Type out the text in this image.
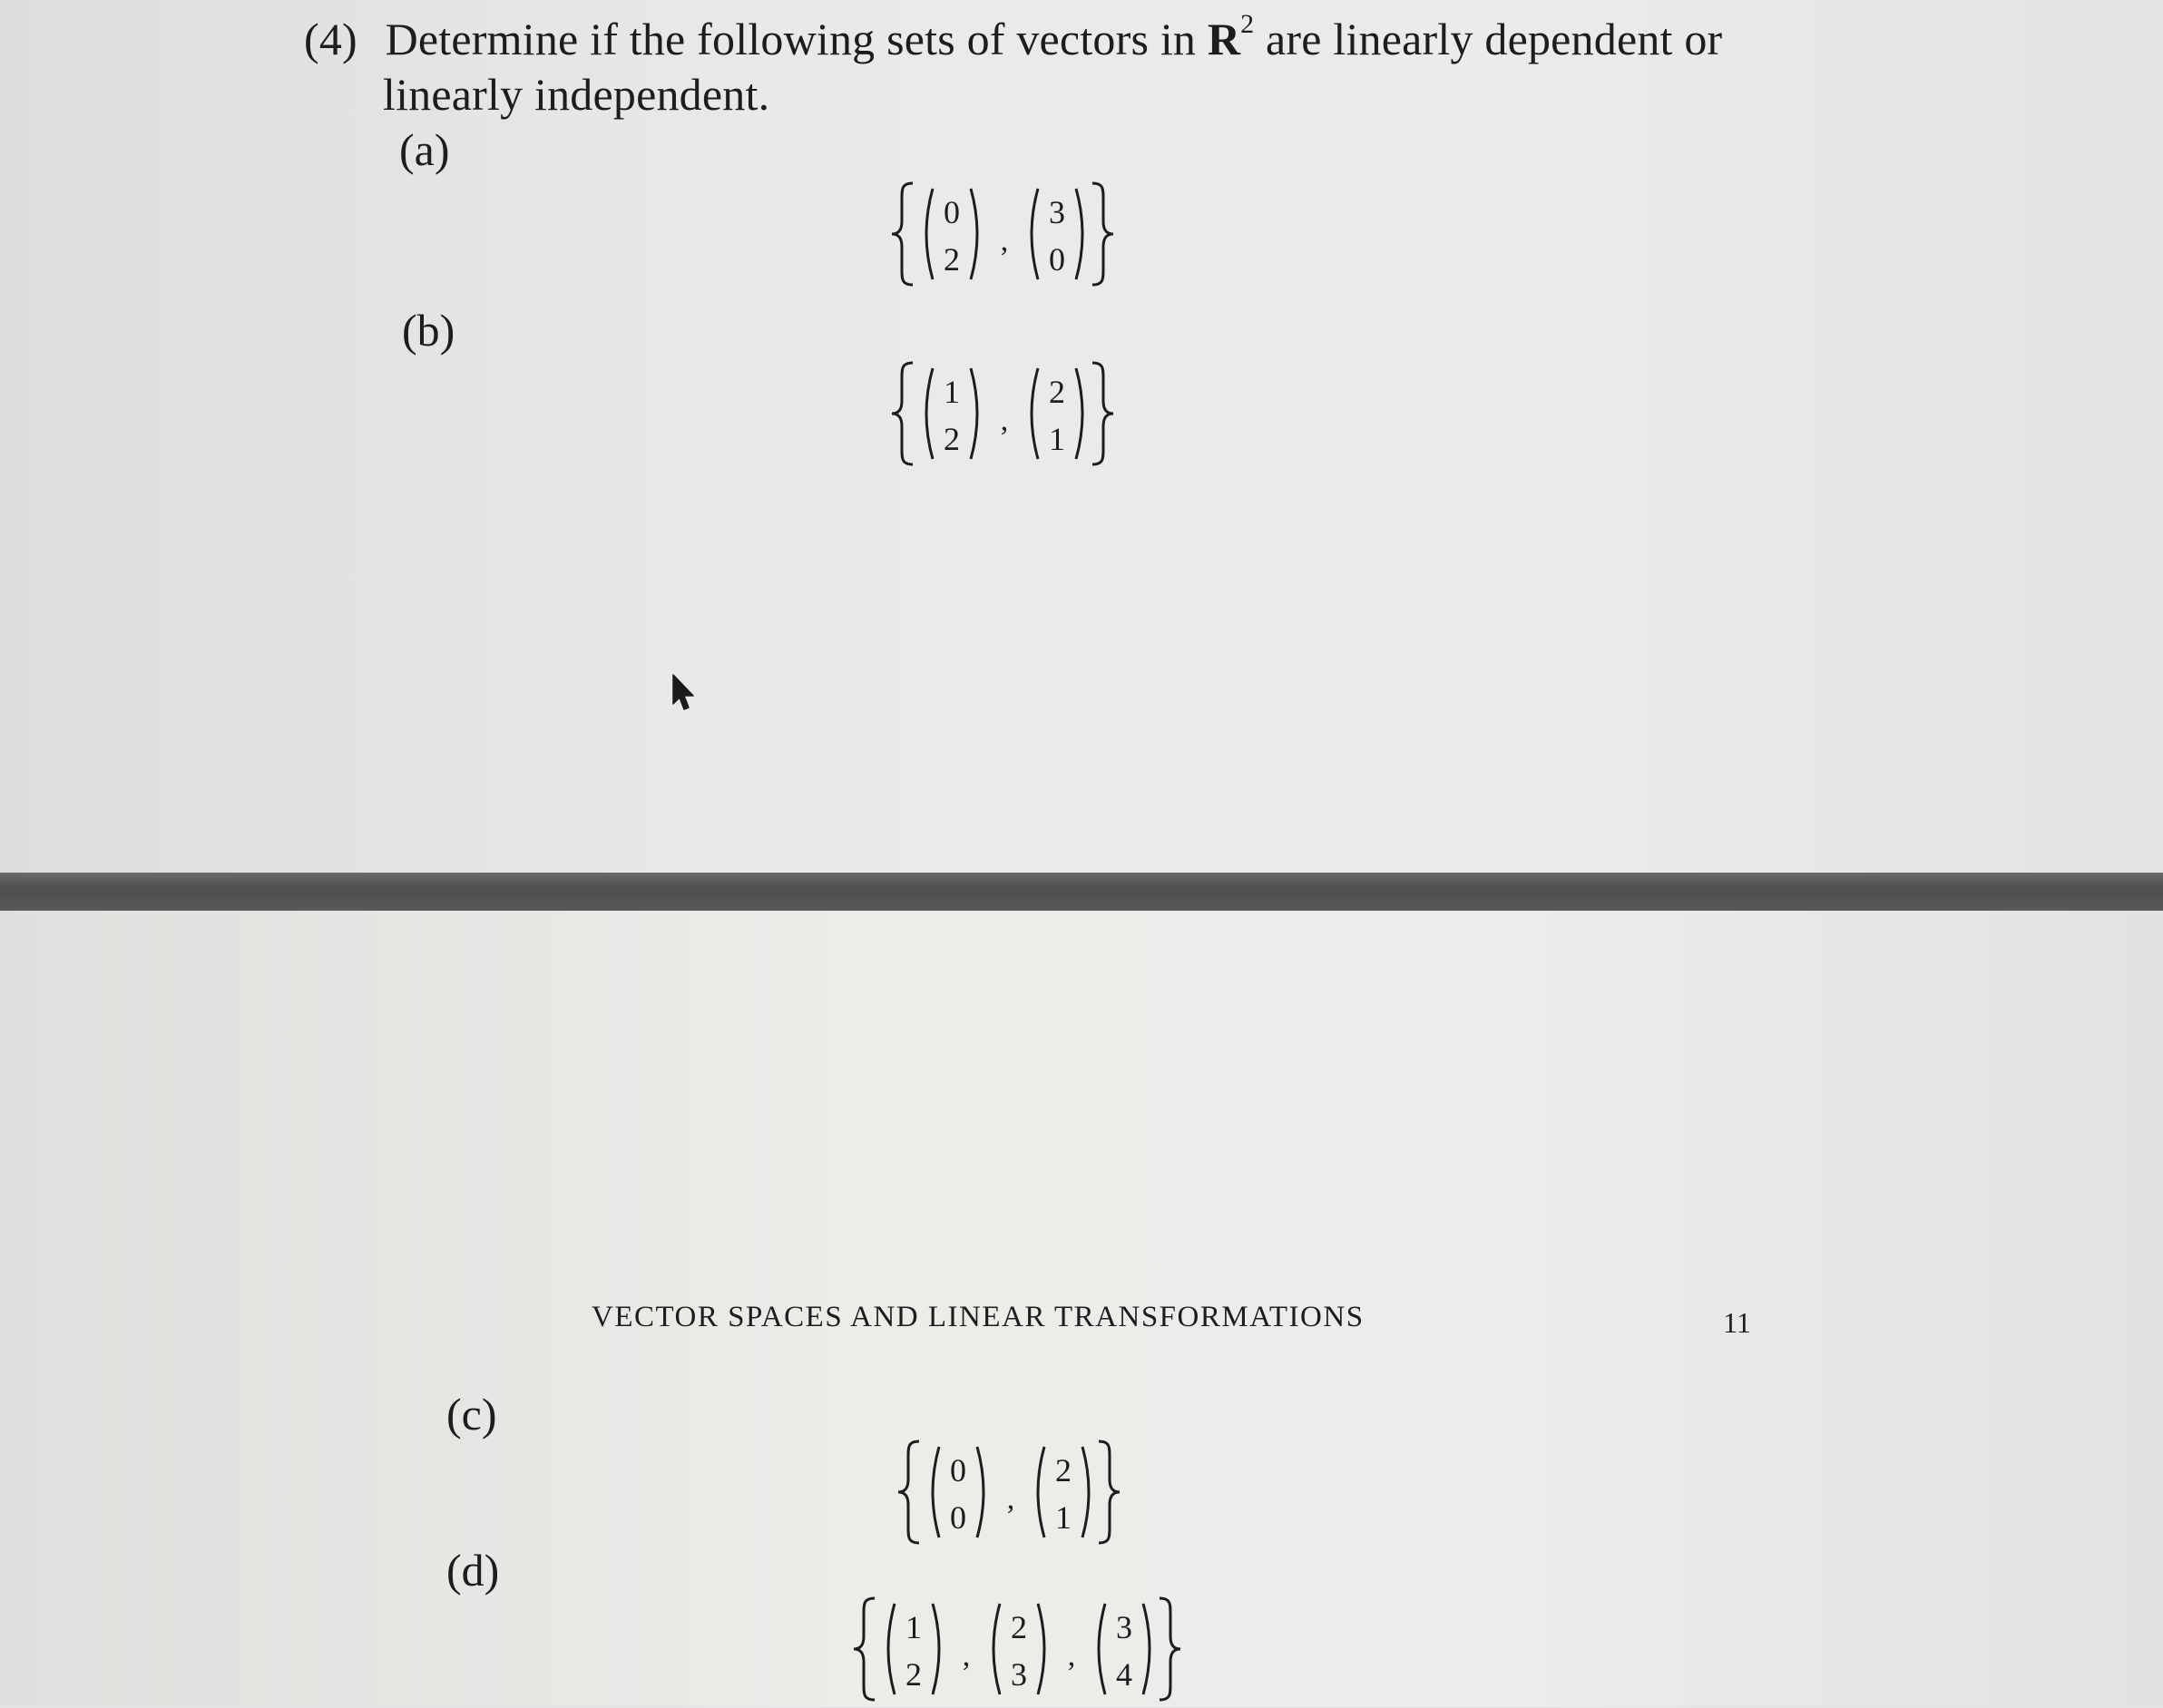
(4) Determine if the following sets of vectors in $R^2$ are linearly dependent or
linearly independent.
(a)
(b)
(c)
(d)
0
2
,
3
0
1
2
,
2
1
0
0
,
2
1
1
2
,
2
3
,
3
4
VECTOR SPACES AND LINEAR TRANSFORMATIONS	11
